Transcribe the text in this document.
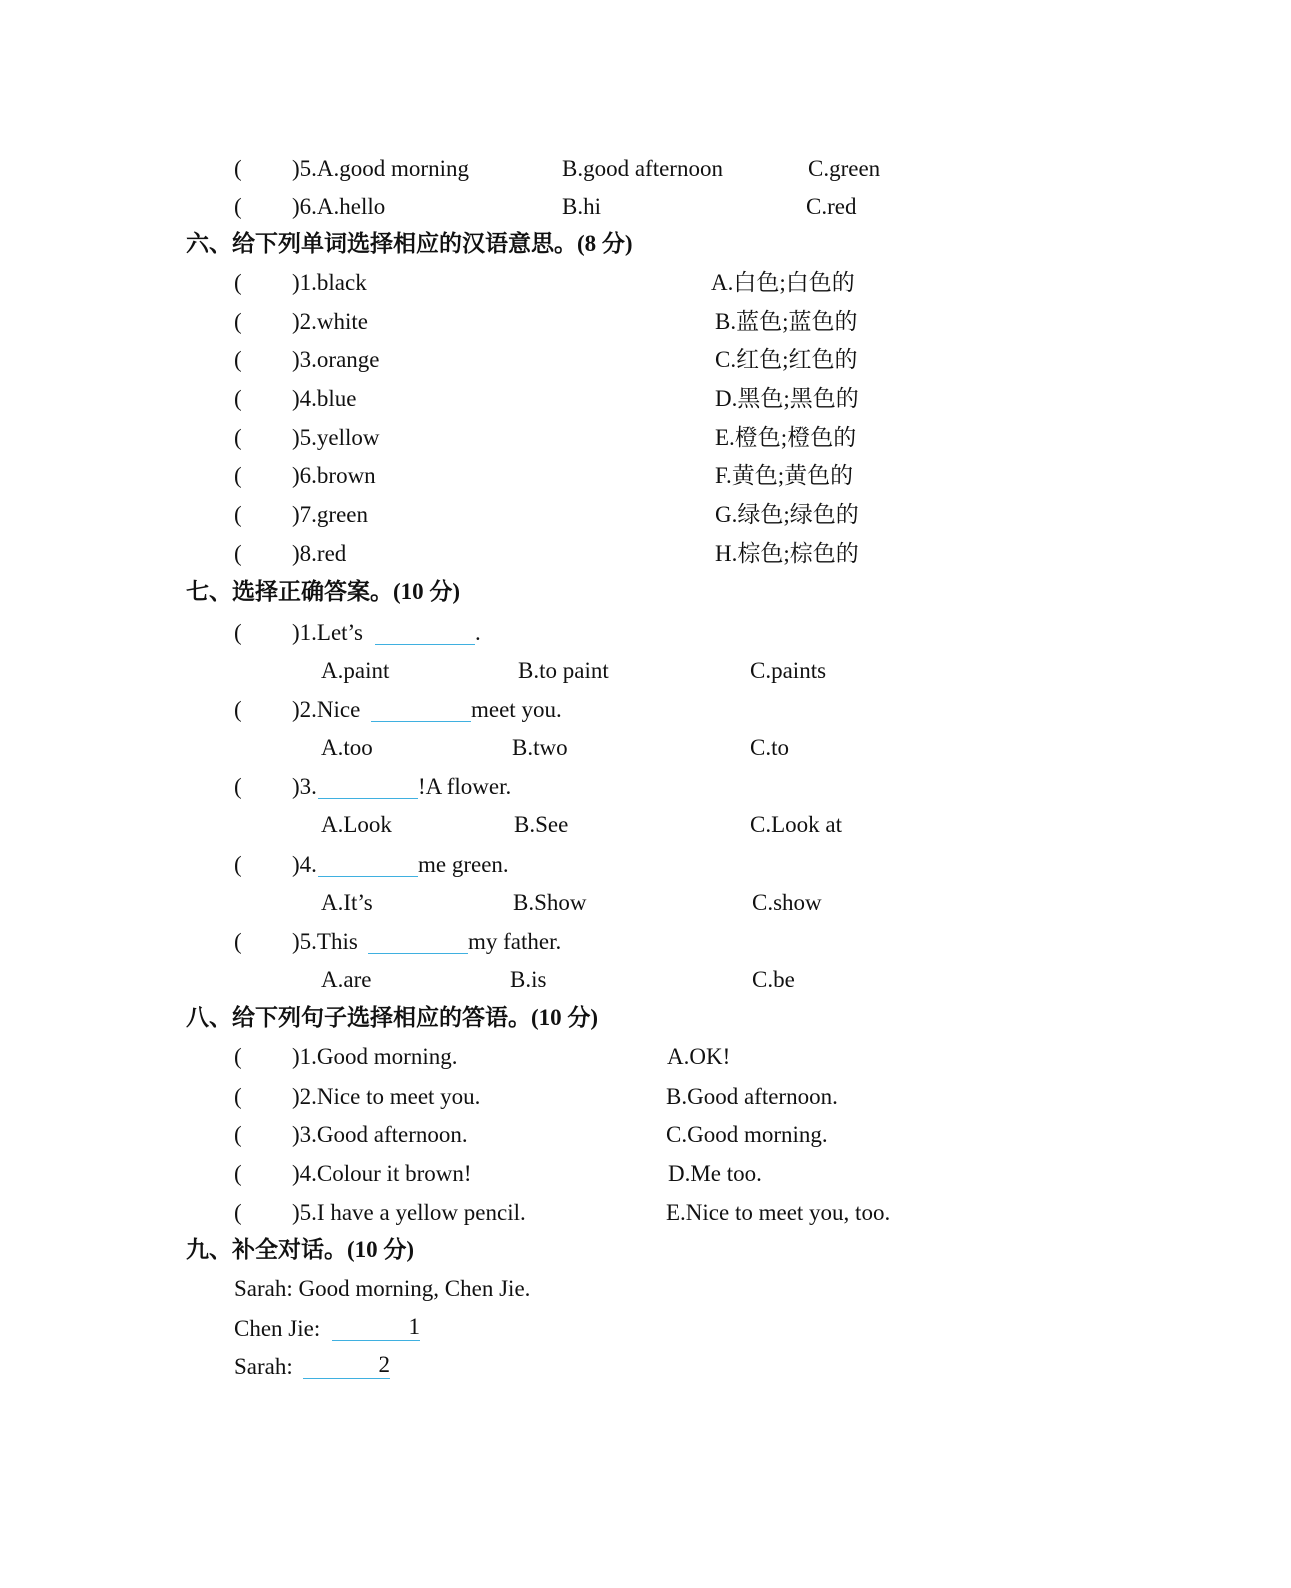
( )5.A.good morning	B.good afternoon	C.green
( )6.A.hello	B.hi	C.red
六、给下列单词选择相应的汉语意思。(8 分)
( )1.black	A.白色;白色的
( )2.white	B.蓝色;蓝色的
( )3.orange	C.红色;红色的
( )4.blue	D.黑色;黑色的
( )5.yellow	E.橙色;橙色的
( )6.brown	F.黄色;黄色的
( )7.green	G.绿色;绿色的
( )8.red	H.棕色;棕色的
七、选择正确答案。(10 分)
( )1.Let’s	.
A.paint	B.to paint	C.paints
( )2.Nice	meet you.
A.too	B.two	C.to
( )3.	!A flower.
A.Look	B.See	C.Look at
( )4.	me green.
A.It’s	B.Show	C.show
( )5.This	my father.
A.are	B.is	C.be
八、给下列句子选择相应的答语。(10 分)
( )1.Good morning.	A.OK!
( )2.Nice to meet you.	B.Good afternoon.
( )3.Good afternoon.	C.Good morning.
( )4.Colour it brown!	D.Me too.
( )5.I have a yellow pencil.	E.Nice to meet you, too.
九、补全对话。(10 分)
Sarah: Good morning, Chen Jie.
Chen Jie:	1
Sarah:	2
